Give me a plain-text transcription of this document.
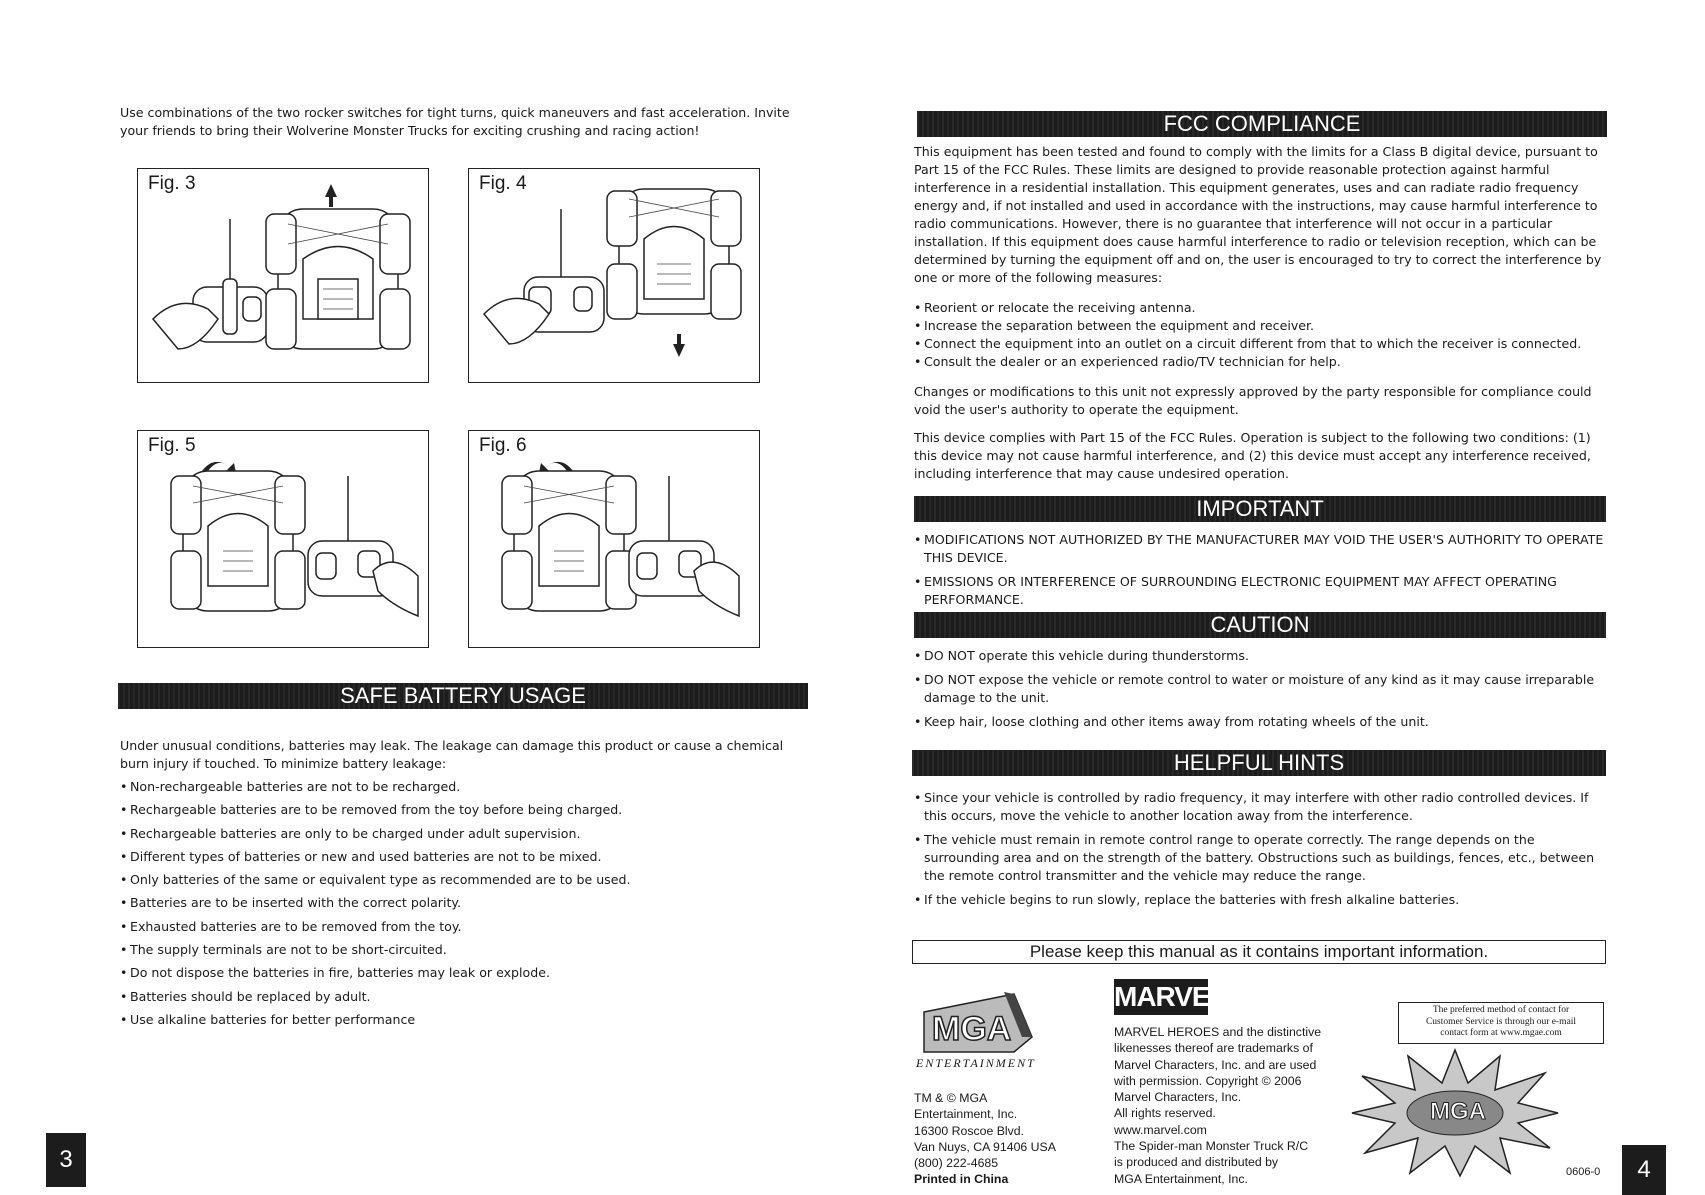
Use combinations of the two rocker switches for tight turns, quick maneuvers and fast acceleration. Invite your friends to bring their Wolverine Monster Trucks for exciting crushing and racing action!

Fig. 3	Fig. 4
Fig. 5	Fig. 6
SAFE BATTERY USAGE

Under unusual conditions, batteries may leak. The leakage can damage this product or cause a chemical burn injury if touched. To minimize battery leakage:

• Non-rechargeable batteries are not to be recharged.
• Rechargeable batteries are to be removed from the toy before being charged.
• Rechargeable batteries are only to be charged under adult supervision.
• Different types of batteries or new and used batteries are not to be mixed.
• Only batteries of the same or equivalent type as recommended are to be used.
• Batteries are to be inserted with the correct polarity.
• Exhausted batteries are to be removed from the toy.
• The supply terminals are not to be short-circuited.
• Do not dispose the batteries in fire, batteries may leak or explode.
• Batteries should be replaced by adult.
• Use alkaline batteries for better performance
3
FCC COMPLIANCE

This equipment has been tested and found to comply with the limits for a Class B digital device, pursuant to Part 15 of the FCC Rules. These limits are designed to provide reasonable protection against harmful interference in a residential installation. This equipment generates, uses and can radiate radio frequency energy and, if not installed and used in accordance with the instructions, may cause harmful interference to radio communications. However, there is no guarantee that interference will not occur in a particular installation. If this equipment does cause harmful interference to radio or television reception, which can be determined by turning the equipment off and on, the user is encouraged to try to correct the interference by one or more of the following measures:

• Reorient or relocate the receiving antenna.
• Increase the separation between the equipment and receiver.
• Connect the equipment into an outlet on a circuit different from that to which the receiver is connected.
• Consult the dealer or an experienced radio/TV technician for help.

Changes or modifications to this unit not expressly approved by the party responsible for compliance could void the user's authority to operate the equipment.

This device complies with Part 15 of the FCC Rules. Operation is subject to the following two conditions: (1) this device may not cause harmful interference, and (2) this device must accept any interference received, including interference that may cause undesired operation.

IMPORTANT
• MODIFICATIONS NOT AUTHORIZED BY THE MANUFACTURER MAY VOID THE USER'S AUTHORITY TO OPERATE THIS DEVICE.
• EMISSIONS OR INTERFERENCE OF SURROUNDING ELECTRONIC EQUIPMENT MAY AFFECT OPERATING PERFORMANCE.
CAUTION
• DO NOT operate this vehicle during thunderstorms.
• DO NOT expose the vehicle or remote control to water or moisture of any kind as it may cause irreparable damage to the unit.
• Keep hair, loose clothing and other items away from rotating wheels of the unit.
HELPFUL HINTS
• Since your vehicle is controlled by radio frequency, it may interfere with other radio controlled devices. If this occurs, move the vehicle to another location away from the interference.
• The vehicle must remain in remote control range to operate correctly. The range depends on the surrounding area and on the strength of the battery. Obstructions such as buildings, fences, etc., between the remote control transmitter and the vehicle may reduce the range.
• If the vehicle begins to run slowly, replace the batteries with fresh alkaline batteries.
Please keep this manual as it contains important information.
MGA
ENTERTAINMENT
TM & © MGA
Entertainment, Inc.
16300 Roscoe Blvd.
Van Nuys, CA 91406 USA
(800) 222-4685
Printed in China
MARVEL
MARVEL HEROES and the distinctive
likenesses thereof are trademarks of
Marvel Characters, Inc. and are used
with permission. Copyright © 2006
Marvel Characters, Inc.
All rights reserved.
www.marvel.com
The Spider-man Monster Truck R/C
is produced and distributed by
MGA Entertainment, Inc.
The preferred method of contact for
Customer Service is through our e-mail
contact form at www.mgae.com
MGA
0606-0	4
